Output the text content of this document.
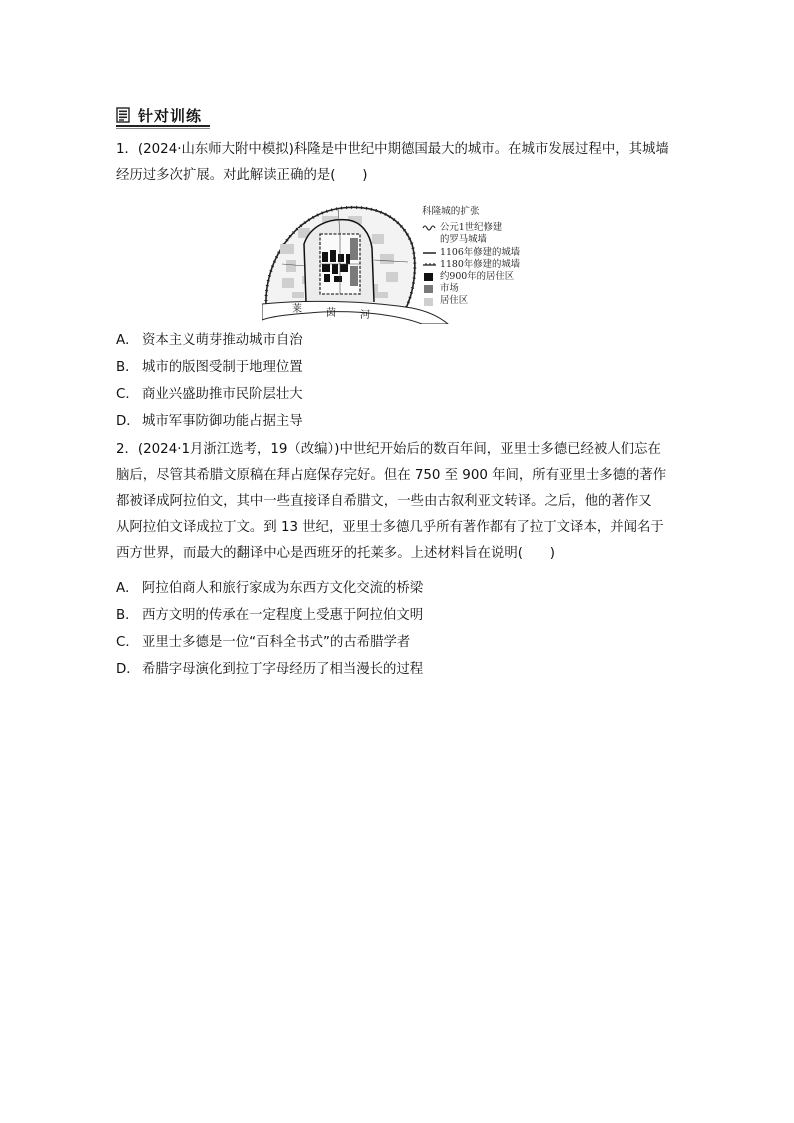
针对训练

1．(2024·山东师大附中模拟)科隆是中世纪中期德国最大的城市。在城市发展过程中，其城墙

经历过多次扩展。对此解读正确的是(　　)

莱 茵 河
科隆城的扩张
公元1世纪修建
的罗马城墙
1106年修建的城墙
1180年修建的城墙
约900年的居住区
市场
居住区
A． 资本主义萌芽推动城市自治
B． 城市的版图受制于地理位置
C． 商业兴盛助推市民阶层壮大
D． 城市军事防御功能占据主导

2．(2024·1月浙江选考，19（改编）)中世纪开始后的数百年间，亚里士多德已经被人们忘在

脑后，尽管其希腊文原稿在拜占庭保存完好。但在 750 至 900 年间，所有亚里士多德的著作

都被译成阿拉伯文，其中一些直接译自希腊文，一些由古叙利亚文转译。之后，他的著作又

从阿拉伯文译成拉丁文。到 13 世纪，亚里士多德几乎所有著作都有了拉丁文译本，并闻名于

西方世界，而最大的翻译中心是西班牙的托莱多。上述材料旨在说明(　　)

A． 阿拉伯商人和旅行家成为东西方文化交流的桥梁
B． 西方文明的传承在一定程度上受惠于阿拉伯文明
C． 亚里士多德是一位“百科全书式”的古希腊学者
D． 希腊字母演化到拉丁字母经历了相当漫长的过程
